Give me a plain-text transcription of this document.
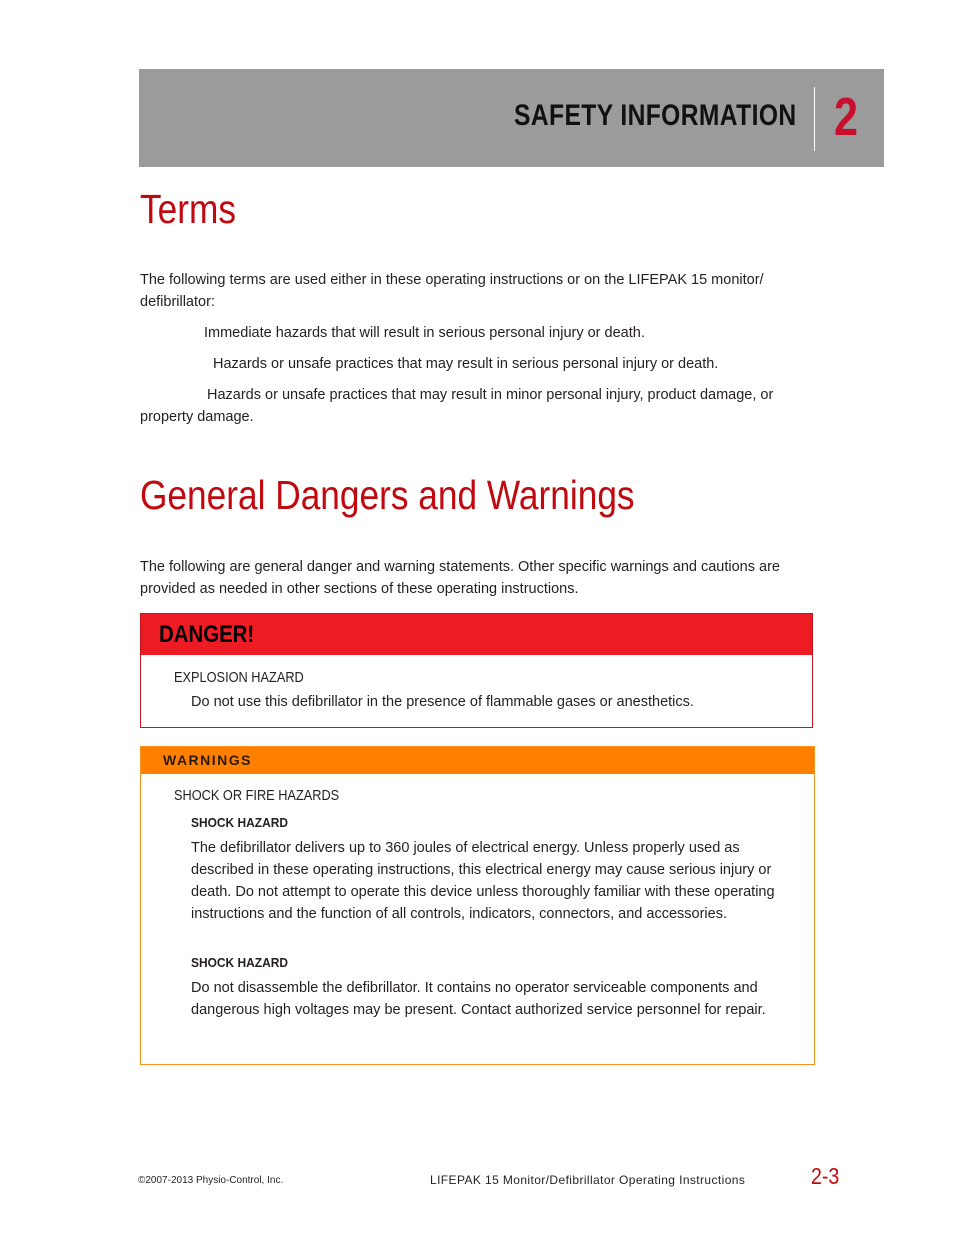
SAFETY INFORMATION 2
Terms

The following terms are used either in these operating instructions or on the LIFEPAK 15 monitor/ defibrillator:

Immediate hazards that will result in serious personal injury or death.
Hazards or unsafe practices that may result in serious personal injury or death.
Hazards or unsafe practices that may result in minor personal injury, product damage, or property damage.
General Dangers and Warnings

The following are general danger and warning statements. Other specific warnings and cautions are provided as needed in other sections of these operating instructions.

DANGER!
EXPLOSION HAZARD
Do not use this defibrillator in the presence of flammable gases or anesthetics.
WARNINGS
SHOCK OR FIRE HAZARDS
SHOCK HAZARD
The defibrillator delivers up to 360 joules of electrical energy. Unless properly used as described in these operating instructions, this electrical energy may cause serious injury or death. Do not attempt to operate this device unless thoroughly familiar with these operating instructions and the function of all controls, indicators, connectors, and accessories.
SHOCK HAZARD
Do not disassemble the defibrillator. It contains no operator serviceable components and dangerous high voltages may be present. Contact authorized service personnel for repair.
©2007-2013 Physio-Control, Inc.	LIFEPAK 15 Monitor/Defibrillator Operating Instructions	2-3
